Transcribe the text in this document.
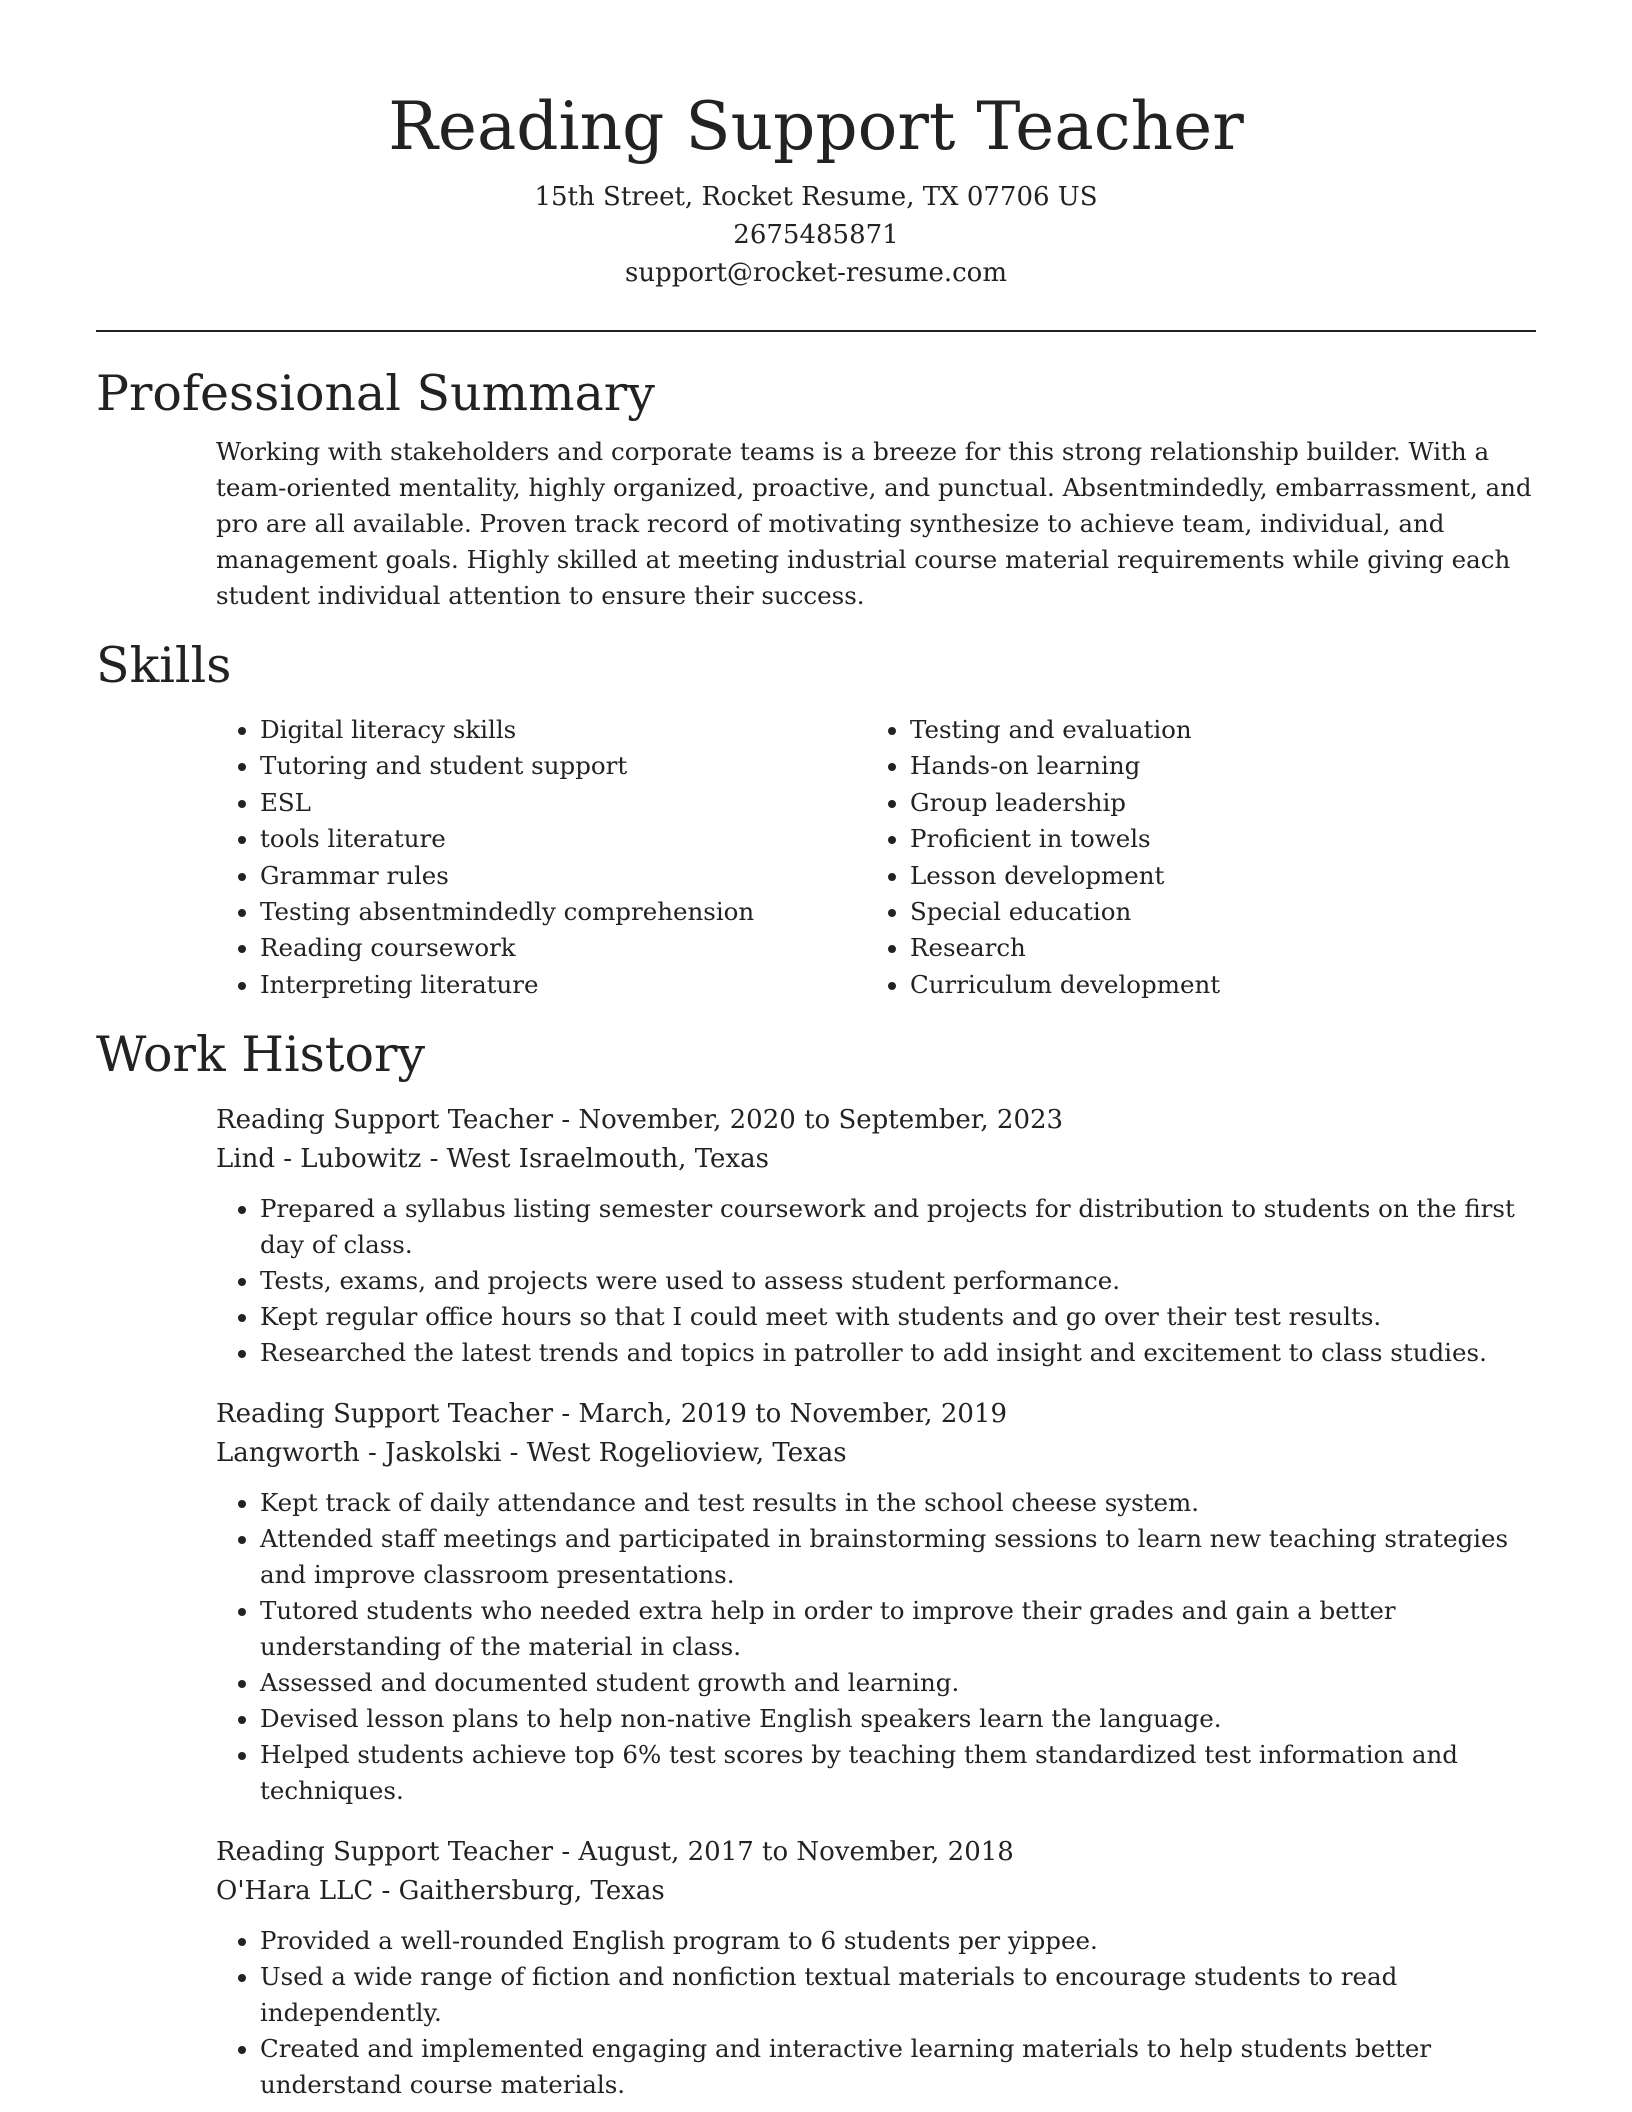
Reading Support Teacher

15th Street, Rocket Resume, TX 07706 US

2675485871

support@rocket-resume.com

Professional Summary

Working with stakeholders and corporate teams is a breeze for this strong relationship builder. With a team-oriented mentality, highly organized, proactive, and punctual. Absentmindedly, embarrassment, and pro are all available. Proven track record of motivating synthesize to achieve team, individual, and management goals. Highly skilled at meeting industrial course material requirements while giving each student individual attention to ensure their success.

Skills
• Digital literacy skills
• Tutoring and student support
• ESL
• tools literature
• Grammar rules
• Testing absentmindedly comprehension
• Reading coursework
• Interpreting literature
• Testing and evaluation
• Hands-on learning
• Group leadership
• Proficient in towels
• Lesson development
• Special education
• Research
• Curriculum development
Work History

Reading Support Teacher - November, 2020 to September, 2023

Lind - Lubowitz - West Israelmouth, Texas

• Prepared a syllabus listing semester coursework and projects for distribution to students on the first day of class.
• Tests, exams, and projects were used to assess student performance.
• Kept regular office hours so that I could meet with students and go over their test results.
• Researched the latest trends and topics in patroller to add insight and excitement to class studies.

Reading Support Teacher - March, 2019 to November, 2019

Langworth - Jaskolski - West Rogelioview, Texas

• Kept track of daily attendance and test results in the school cheese system.
• Attended staff meetings and participated in brainstorming sessions to learn new teaching strategies and improve classroom presentations.
• Tutored students who needed extra help in order to improve their grades and gain a better understanding of the material in class.
• Assessed and documented student growth and learning.
• Devised lesson plans to help non-native English speakers learn the language.
• Helped students achieve top 6% test scores by teaching them standardized test information and techniques.

Reading Support Teacher - August, 2017 to November, 2018

O'Hara LLC - Gaithersburg, Texas

• Provided a well-rounded English program to 6 students per yippee.
• Used a wide range of fiction and nonfiction textual materials to encourage students to read independently.
• Created and implemented engaging and interactive learning materials to help students better understand course materials.
